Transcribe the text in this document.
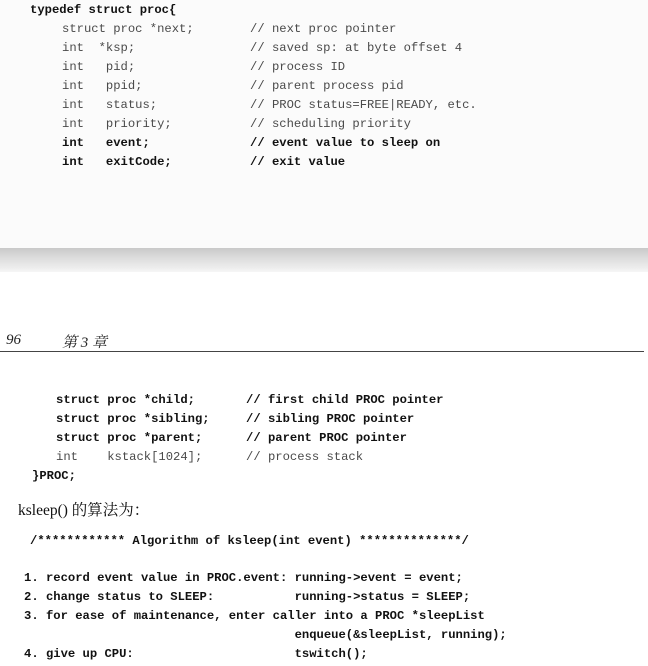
typedef struct proc{
struct proc *next;	// next proc pointer
int  *ksp;	// saved sp: at byte offset 4
int   pid;	// process ID
int   ppid;	// parent process pid
int   status;	// PROC status=FREE|READY, etc.
int   priority;	// scheduling priority
int   event;	// event value to sleep on
int   exitCode;	// exit value
96	第 3 章
struct proc *child;	// first child PROC pointer
struct proc *sibling;	// sibling PROC pointer
struct proc *parent;	// parent PROC pointer
int    kstack[1024];	// process stack
}PROC;
ksleep() 的算法为：
/************ Algorithm of ksleep(int event) **************/
1. record event value in PROC.event: running->event = event;
2. change status to SLEEP:           running->status = SLEEP;
3. for ease of maintenance, enter caller into a PROC *sleepList
enqueue(&sleepList, running);
4. give up CPU:                      tswitch();
